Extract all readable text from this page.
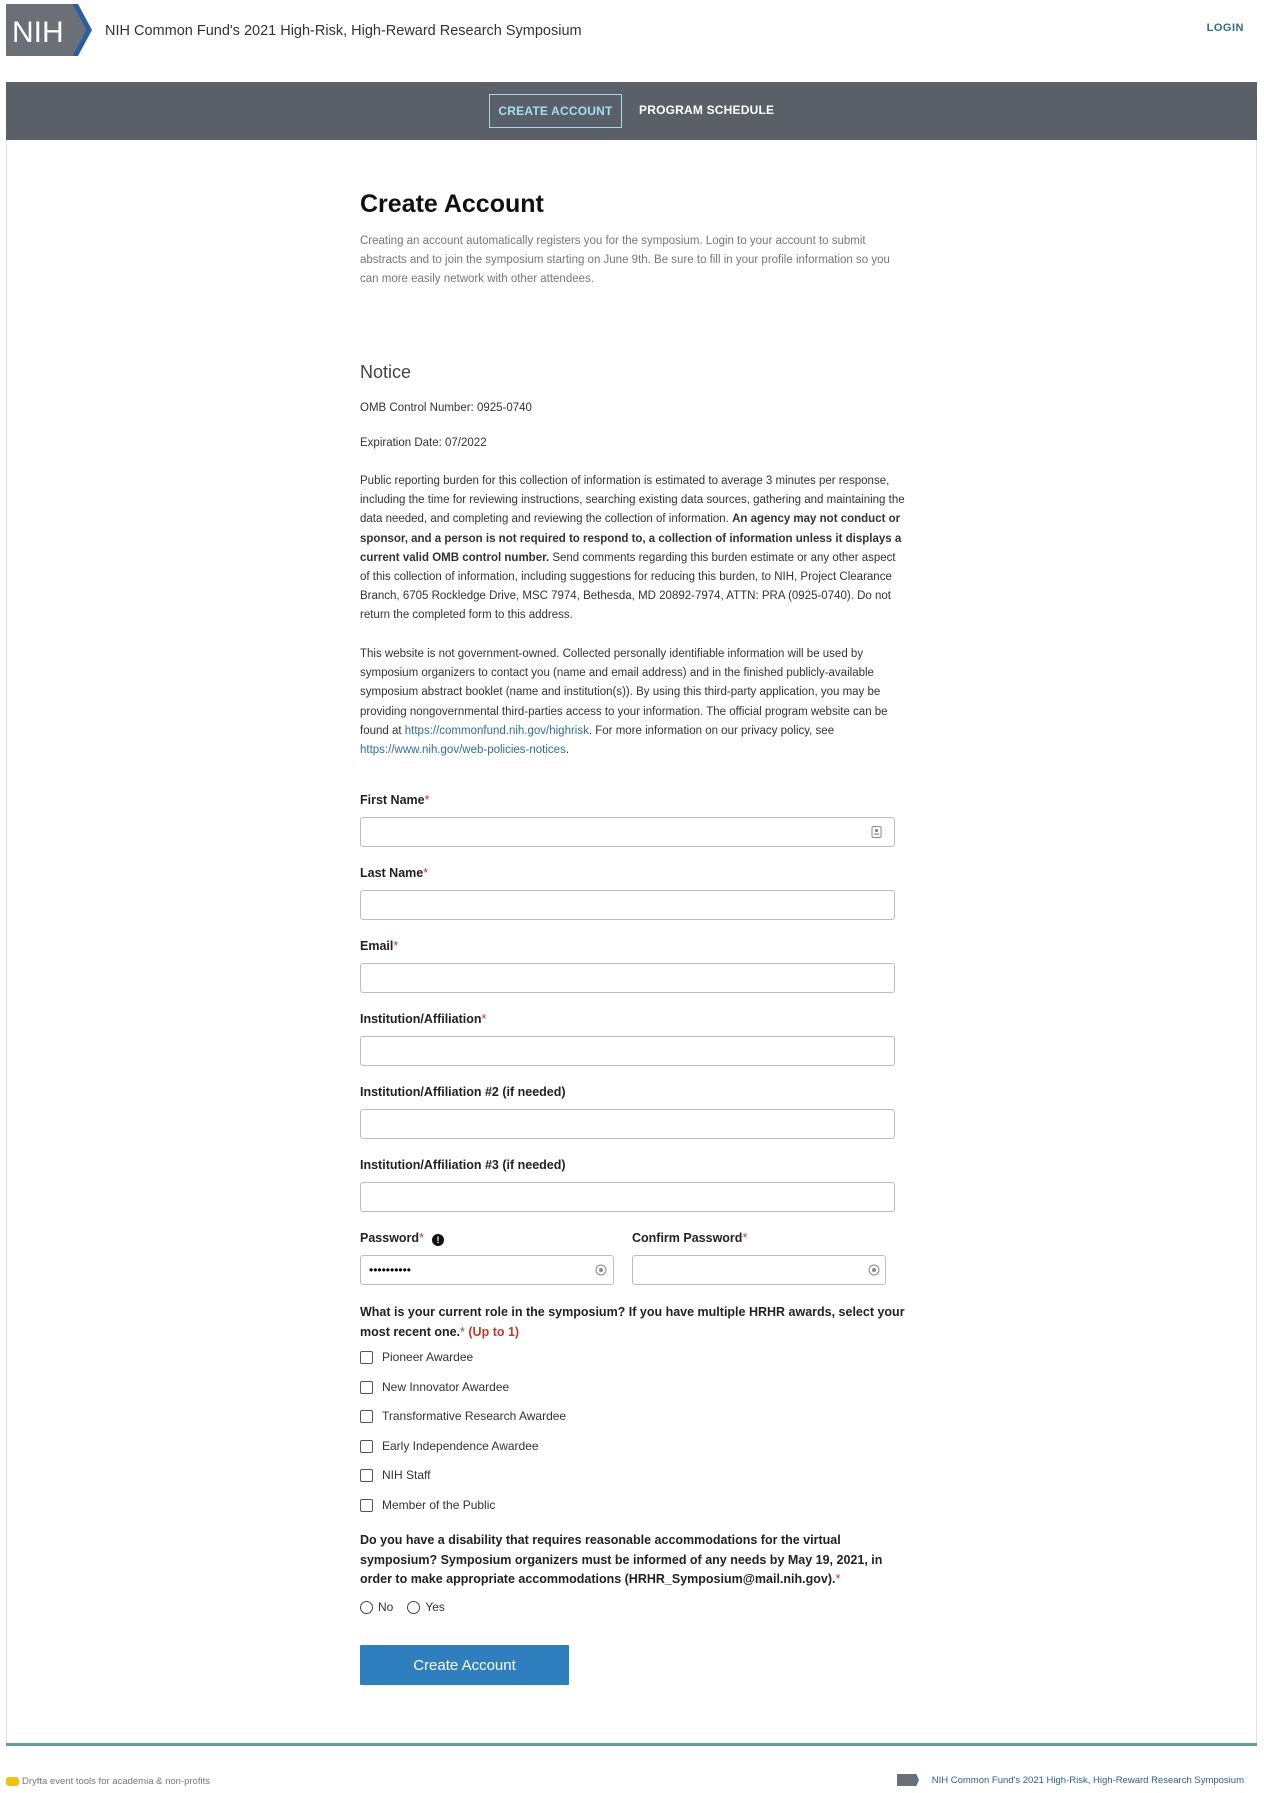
NIH	NIH Common Fund's 2021 High-Risk, High-Reward Research Symposium	LOGIN
CREATE ACCOUNT	PROGRAM SCHEDULE
Create Account

Creating an account automatically registers you for the symposium. Login to your account to submit abstracts and to join the symposium starting on June 9th. Be sure to fill in your profile information so you can more easily network with other attendees.

Notice
OMB Control Number: 0925-0740
Expiration Date: 07/2022

Public reporting burden for this collection of information is estimated to average 3 minutes per response, including the time for reviewing instructions, searching existing data sources, gathering and maintaining the data needed, and completing and reviewing the collection of information. An agency may not conduct or sponsor, and a person is not required to respond to, a collection of information unless it displays a current valid OMB control number. Send comments regarding this burden estimate or any other aspect of this collection of information, including suggestions for reducing this burden, to NIH, Project Clearance Branch, 6705 Rockledge Drive, MSC 7974, Bethesda, MD 20892-7974, ATTN: PRA (0925-0740). Do not return the completed form to this address.

This website is not government-owned. Collected personally identifiable information will be used by symposium organizers to contact you (name and email address) and in the finished publicly-available symposium abstract booklet (name and institution(s)). By using this third-party application, you may be providing nongovernmental third-parties access to your information. The official program website can be found at https://commonfund.nih.gov/highrisk. For more information on our privacy policy, see https://www.nih.gov/web-policies-notices.

First Name*
Last Name*
Email*
Institution/Affiliation*
Institution/Affiliation #2 (if needed)
Institution/Affiliation #3 (if needed)
Password* !
••••••••••	Confirm Password*
What is your current role in the symposium? If you have multiple HRHR awards, select your most recent one.* (Up to 1)
Pioneer Awardee
New Innovator Awardee
Transformative Research Awardee
Early Independence Awardee
NIH Staff
Member of the Public
Do you have a disability that requires reasonable accommodations for the virtual symposium? Symposium organizers must be informed of any needs by May 19, 2021, in order to make appropriate accommodations (HRHR_Symposium@mail.nih.gov).*
No	Yes
Create Account
Dryfta event tools for academia & non-profits	NIH Common Fund's 2021 High-Risk, High-Reward Research Symposium
